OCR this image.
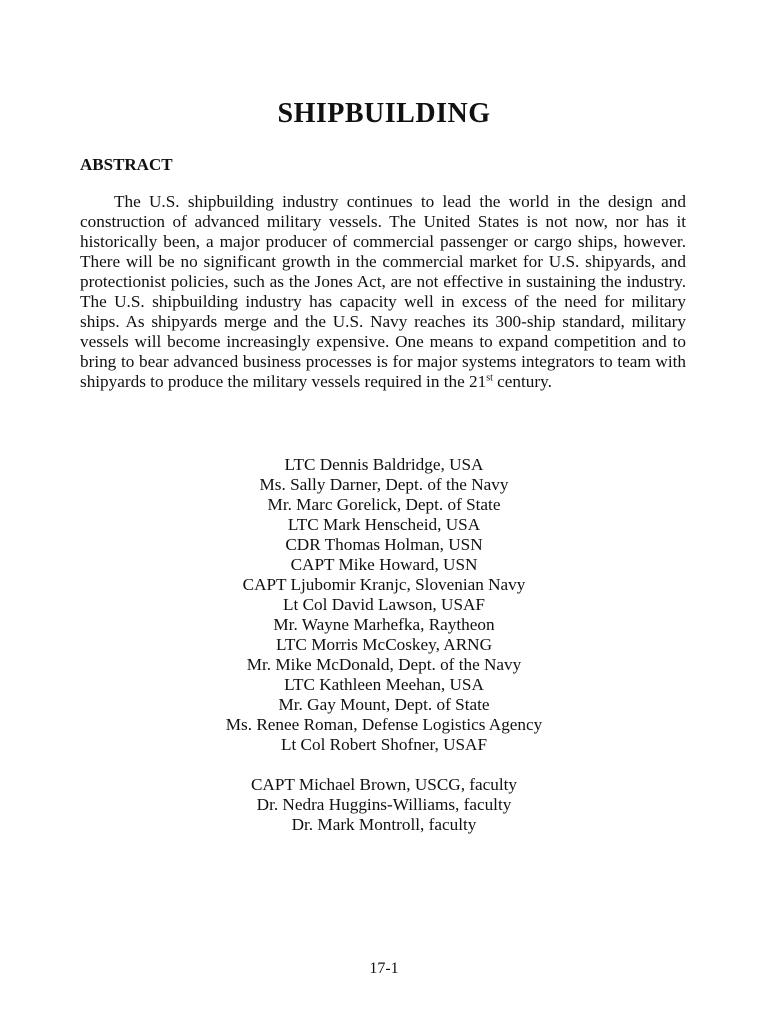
SHIPBUILDING
ABSTRACT

The U.S. shipbuilding industry continues to lead the world in the design and construction of advanced military vessels. The United States is not now, nor has it historically been, a major producer of commercial passenger or cargo ships, however. There will be no significant growth in the commercial market for U.S. shipyards, and protectionist policies, such as the Jones Act, are not effective in sustaining the industry. The U.S. shipbuilding industry has capacity well in excess of the need for military ships. As shipyards merge and the U.S. Navy reaches its 300-ship standard, military vessels will become increasingly expensive. One means to expand competition and to bring to bear advanced business processes is for major systems integrators to team with shipyards to produce the military vessels required in the 21st century.

LTC Dennis Baldridge, USA
Ms. Sally Darner, Dept. of the Navy
Mr. Marc Gorelick, Dept. of State
LTC Mark Henscheid, USA
CDR Thomas Holman, USN
CAPT Mike Howard, USN
CAPT Ljubomir Kranjc, Slovenian Navy
Lt Col David Lawson, USAF
Mr. Wayne Marhefka, Raytheon
LTC Morris McCoskey, ARNG
Mr. Mike McDonald, Dept. of the Navy
LTC Kathleen Meehan, USA
Mr. Gay Mount, Dept. of State
Ms. Renee Roman, Defense Logistics Agency
Lt Col Robert Shofner, USAF
CAPT Michael Brown, USCG, faculty
Dr. Nedra Huggins-Williams, faculty
Dr. Mark Montroll, faculty

17-1
